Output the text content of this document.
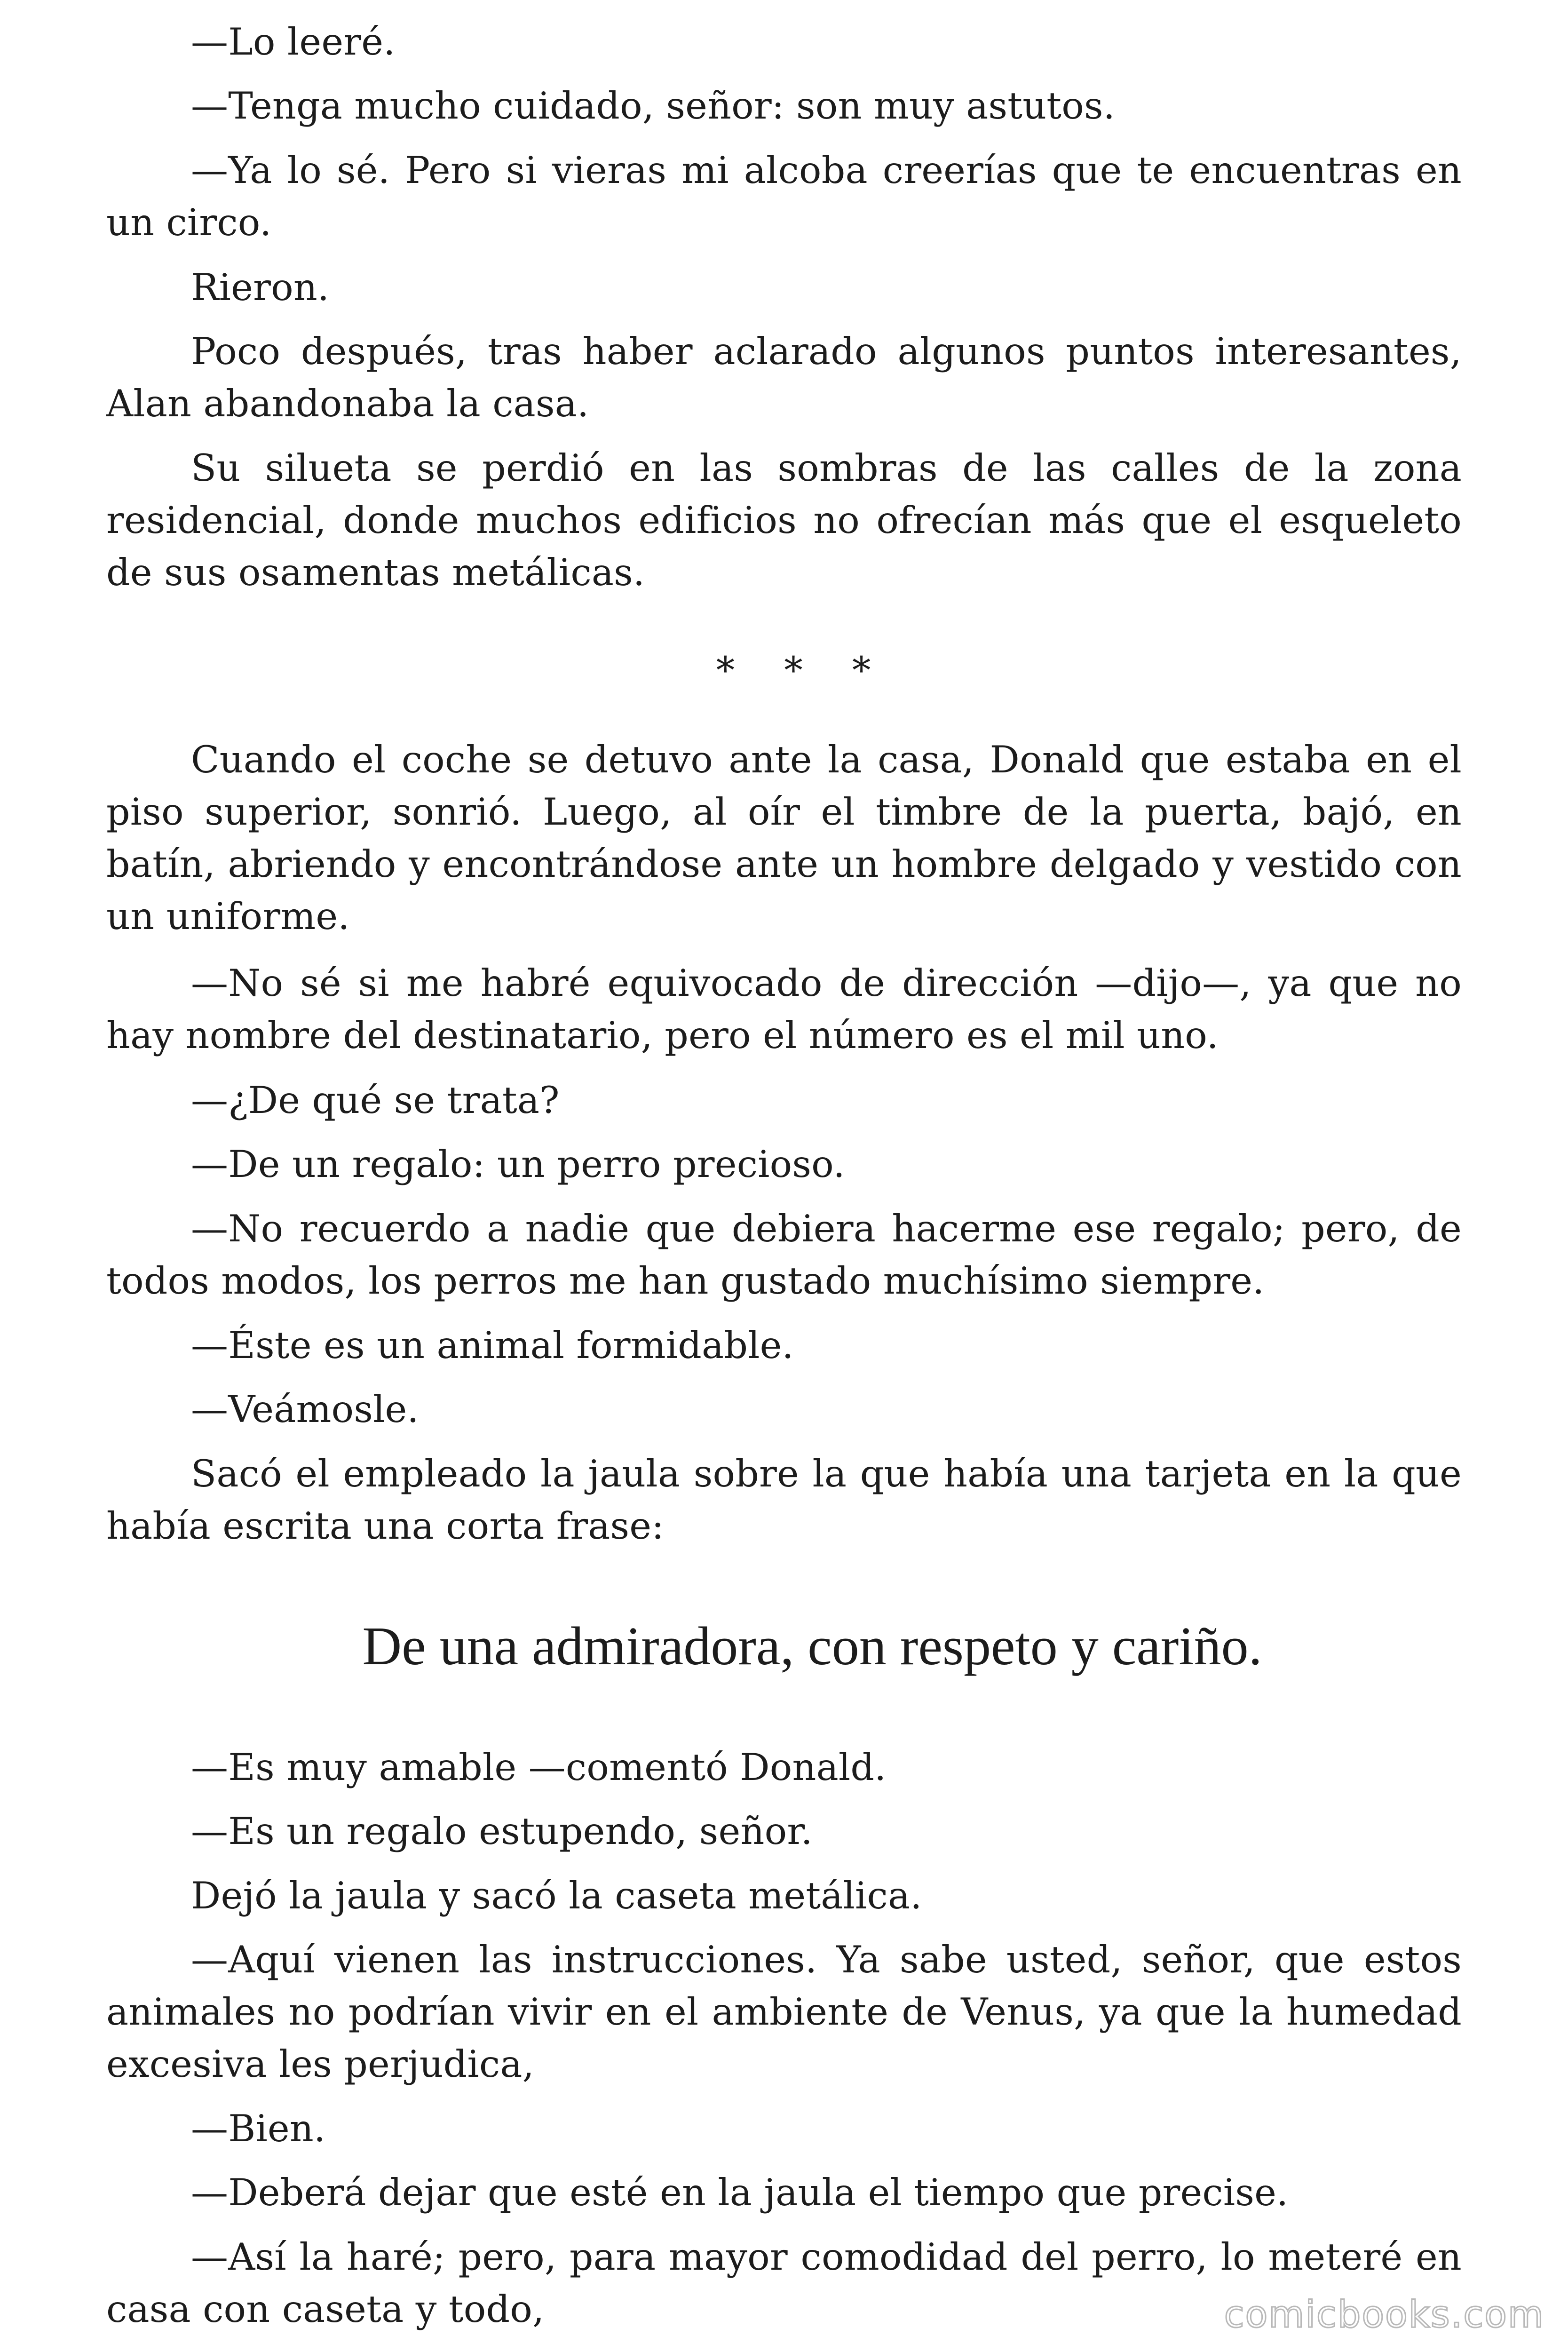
—Lo leeré.

—Tenga mucho cuidado, señor: son muy astutos.

—Ya lo sé. Pero si vieras mi alcoba creerías que te encuentras en un circo.

Rieron.

Poco después, tras haber aclarado algunos puntos interesantes, Alan abandonaba la casa.

Su silueta se perdió en las sombras de las calles de la zona residencial, donde muchos edificios no ofrecían más que el esqueleto de sus osamentas metálicas.

* * *

Cuando el coche se detuvo ante la casa, Donald que estaba en el piso superior, sonrió. Luego, al oír el timbre de la puerta, bajó, en batín, abriendo y encontrándose ante un hombre delgado y vestido con un uniforme.

—No sé si me habré equivocado de dirección —dijo—, ya que no hay nombre del destinatario, pero el número es el mil uno.

—¿De qué se trata?

—De un regalo: un perro precioso.

—No recuerdo a nadie que debiera hacerme ese regalo; pero, de todos modos, los perros me han gustado muchísimo siempre.

—Éste es un animal formidable.

—Veámosle.

Sacó el empleado la jaula sobre la que había una tarjeta en la que había escrita una corta frase:

De una admiradora, con respeto y cariño.

—Es muy amable —comentó Donald.

—Es un regalo estupendo, señor.

Dejó la jaula y sacó la caseta metálica.

—Aquí vienen las instrucciones. Ya sabe usted, señor, que estos animales no podrían vivir en el ambiente de Venus, ya que la humedad excesiva les perjudica,

—Bien.

—Deberá dejar que esté en la jaula el tiempo que precise.

—Así la haré; pero, para mayor comodidad del perro, lo meteré en casa con caseta y todo,	comicbooks.com
